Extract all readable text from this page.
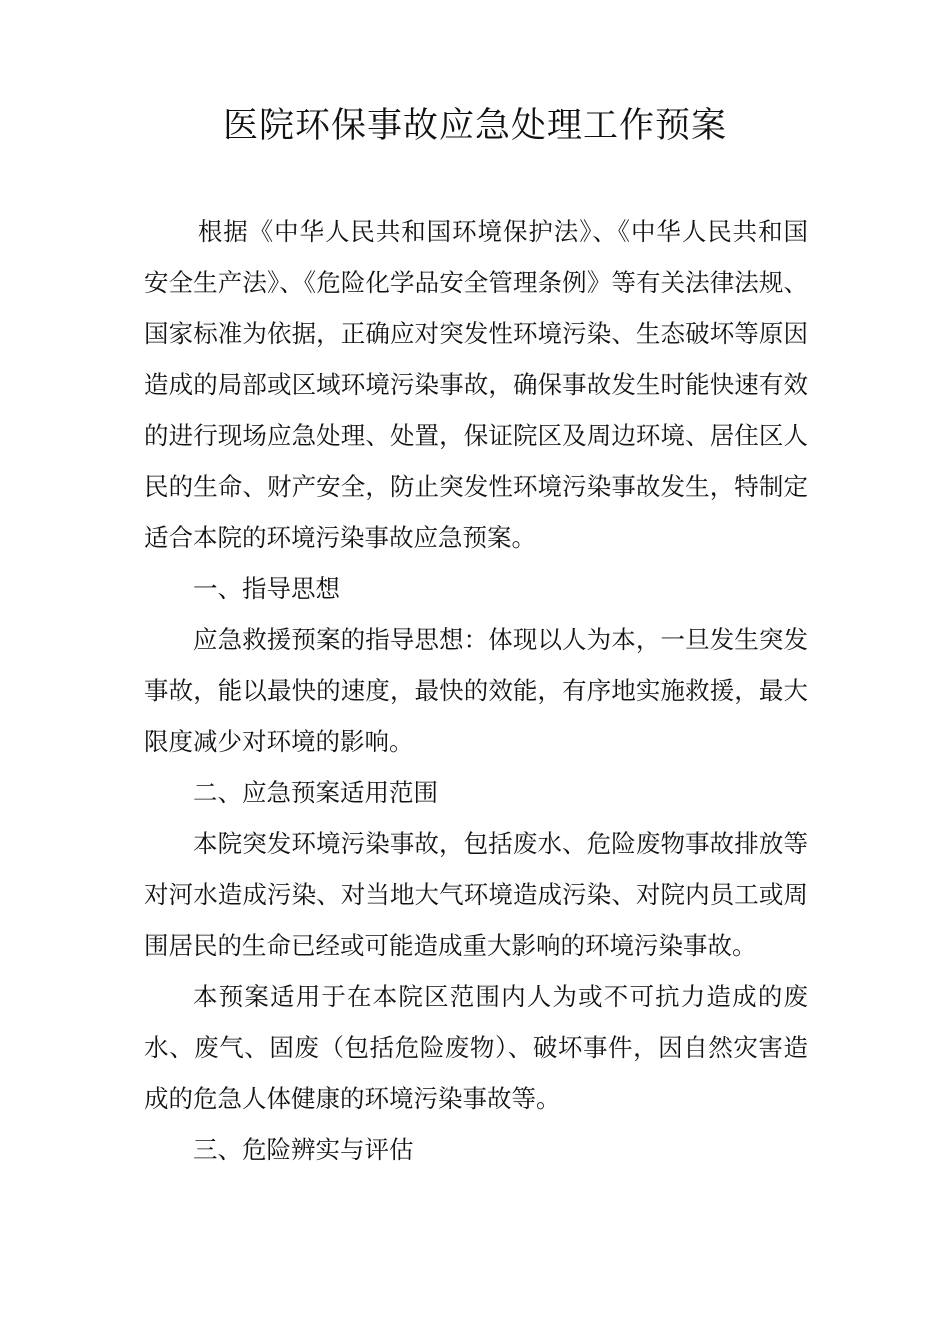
医院环保事故应急处理工作预案

根据《中华人民共和国环境保护法》、《中华人民共和国安全生产法》、《危险化学品安全管理条例》等有关法律法规、国家标准为依据，正确应对突发性环境污染、生态破坏等原因造成的局部或区域环境污染事故，确保事故发生时能快速有效的进行现场应急处理、处置，保证院区及周边环境、居住区人民的生命、财产安全，防止突发性环境污染事故发生，特制定适合本院的环境污染事故应急预案。

一、指导思想

应急救援预案的指导思想：体现以人为本，一旦发生突发事故，能以最快的速度，最快的效能，有序地实施救援，最大限度减少对环境的影响。

二、应急预案适用范围

本院突发环境污染事故，包括废水、危险废物事故排放等对河水造成污染、对当地大气环境造成污染、对院内员工或周围居民的生命已经或可能造成重大影响的环境污染事故。

本预案适用于在本院区范围内人为或不可抗力造成的废水、废气、固废（包括危险废物）、破坏事件，因自然灾害造成的危急人体健康的环境污染事故等。

三、危险辨实与评估
